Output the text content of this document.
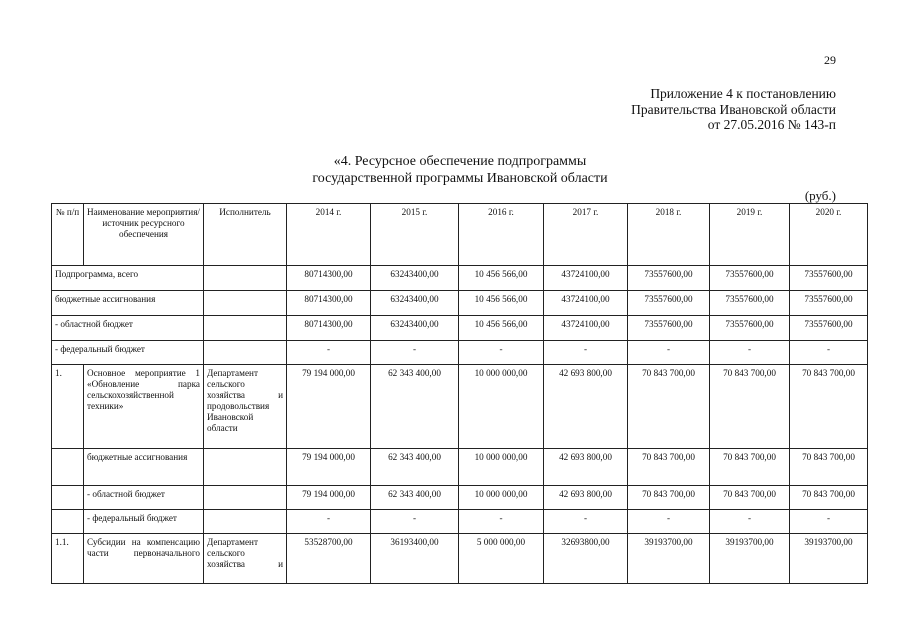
29
Приложение 4 к постановлению
Правительства Ивановской области
от 27.05.2016 № 143-п
«4. Ресурсное обеспечение подпрограммы
государственной программы Ивановской области
(руб.)
№ п/п	Наименование мероприятия/ источник ресурсного обеспечения	Исполнитель	2014 г.	2015 г.	2016 г.	2017 г.	2018 г.	2019 г.	2020 г.
Подпрограмма, всего			80714300,00	63243400,00	10 456 566,00	43724100,00	73557600,00	73557600,00	73557600,00
бюджетные ассигнования			80714300,00	63243400,00	10 456 566,00	43724100,00	73557600,00	73557600,00	73557600,00
- областной бюджет			80714300,00	63243400,00	10 456 566,00	43724100,00	73557600,00	73557600,00	73557600,00
- федеральный бюджет			-	-	-	-	-	-	-
1.	Основное мероприятие 1 «Обновление парка сельскохозяйственной техники»	Департамент сельского хозяйства и продовольствия Ивановской области	79 194 000,00	62 343 400,00	10 000 000,00	42 693 800,00	70 843 700,00	70 843 700,00	70 843 700,00
	бюджетные ассигнования		79 194 000,00	62 343 400,00	10 000 000,00	42 693 800,00	70 843 700,00	70 843 700,00	70 843 700,00
	- областной бюджет		79 194 000,00	62 343 400,00	10 000 000,00	42 693 800,00	70 843 700,00	70 843 700,00	70 843 700,00
	- федеральный бюджет		-	-	-	-	-	-	-
1.1.	Субсидии на компенсацию части первоначального	Департамент сельского хозяйства и	53528700,00	36193400,00	5 000 000,00	32693800,00	39193700,00	39193700,00	39193700,00
